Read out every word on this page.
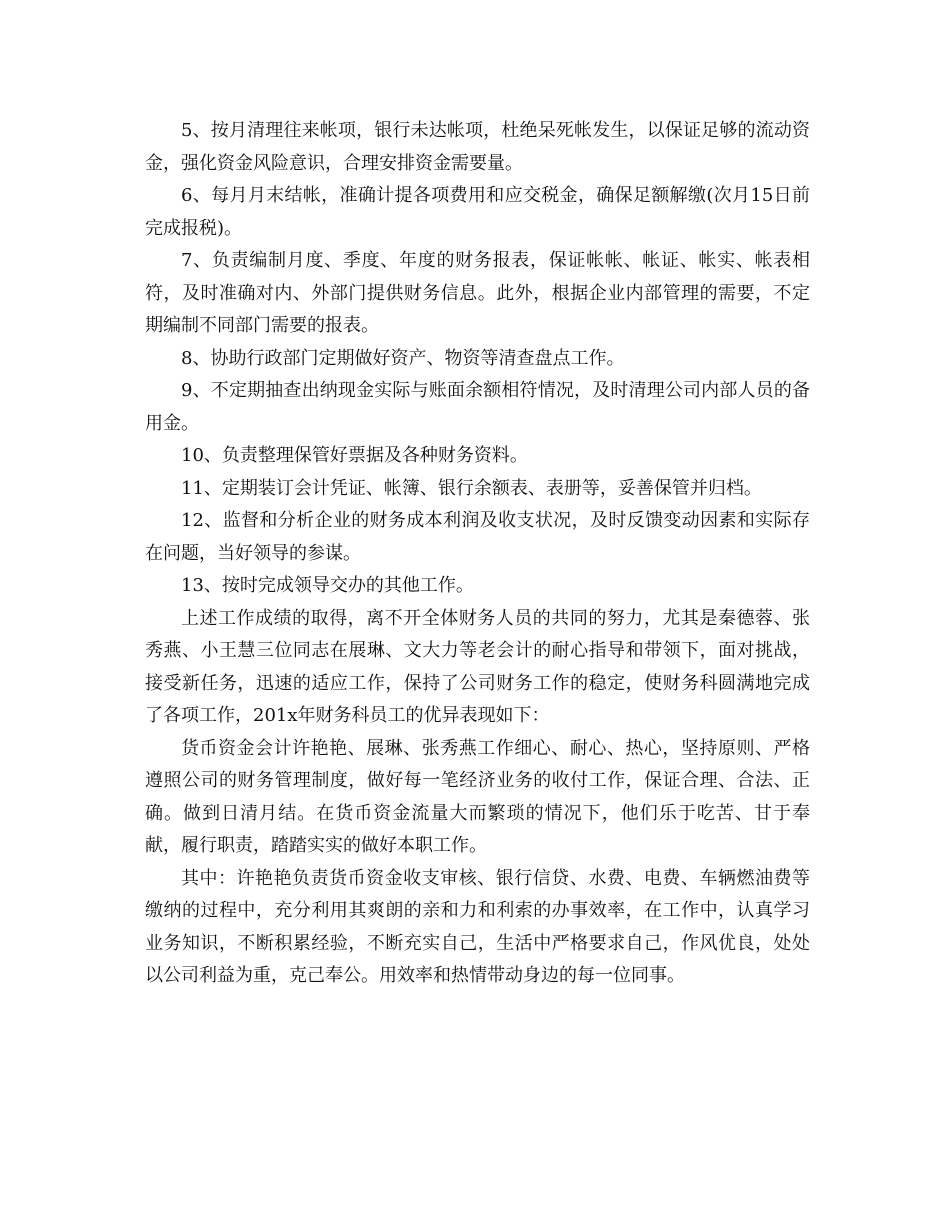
5、按月清理往来帐项，银行未达帐项，杜绝呆死帐发生，以保证足够的流动资金，强化资金风险意识，合理安排资金需要量。

6、每月月末结帐，准确计提各项费用和应交税金，确保足额解缴(次月15日前完成报税)。

7、负责编制月度、季度、年度的财务报表，保证帐帐、帐证、帐实、帐表相符，及时准确对内、外部门提供财务信息。此外，根据企业内部管理的需要，不定期编制不同部门需要的报表。

8、协助行政部门定期做好资产、物资等清查盘点工作。

9、不定期抽查出纳现金实际与账面余额相符情况，及时清理公司内部人员的备用金。

10、负责整理保管好票据及各种财务资料。

11、定期装订会计凭证、帐簿、银行余额表、表册等，妥善保管并归档。

12、监督和分析企业的财务成本利润及收支状况，及时反馈变动因素和实际存在问题，当好领导的参谋。

13、按时完成领导交办的其他工作。

上述工作成绩的取得，离不开全体财务人员的共同的努力，尤其是秦德蓉、张秀燕、小王慧三位同志在展琳、文大力等老会计的耐心指导和带领下，面对挑战，接受新任务，迅速的适应工作，保持了公司财务工作的稳定，使财务科圆满地完成了各项工作，201x年财务科员工的优异表现如下：

货币资金会计许艳艳、展琳、张秀燕工作细心、耐心、热心，坚持原则、严格遵照公司的财务管理制度，做好每一笔经济业务的收付工作，保证合理、合法、正确。做到日清月结。在货币资金流量大而繁琐的情况下，他们乐于吃苦、甘于奉献，履行职责，踏踏实实的做好本职工作。

其中：许艳艳负责货币资金收支审核、银行信贷、水费、电费、车辆燃油费等缴纳的过程中，充分利用其爽朗的亲和力和利索的办事效率，在工作中，认真学习业务知识，不断积累经验，不断充实自己，生活中严格要求自己，作风优良，处处以公司利益为重，克己奉公。用效率和热情带动身边的每一位同事。
